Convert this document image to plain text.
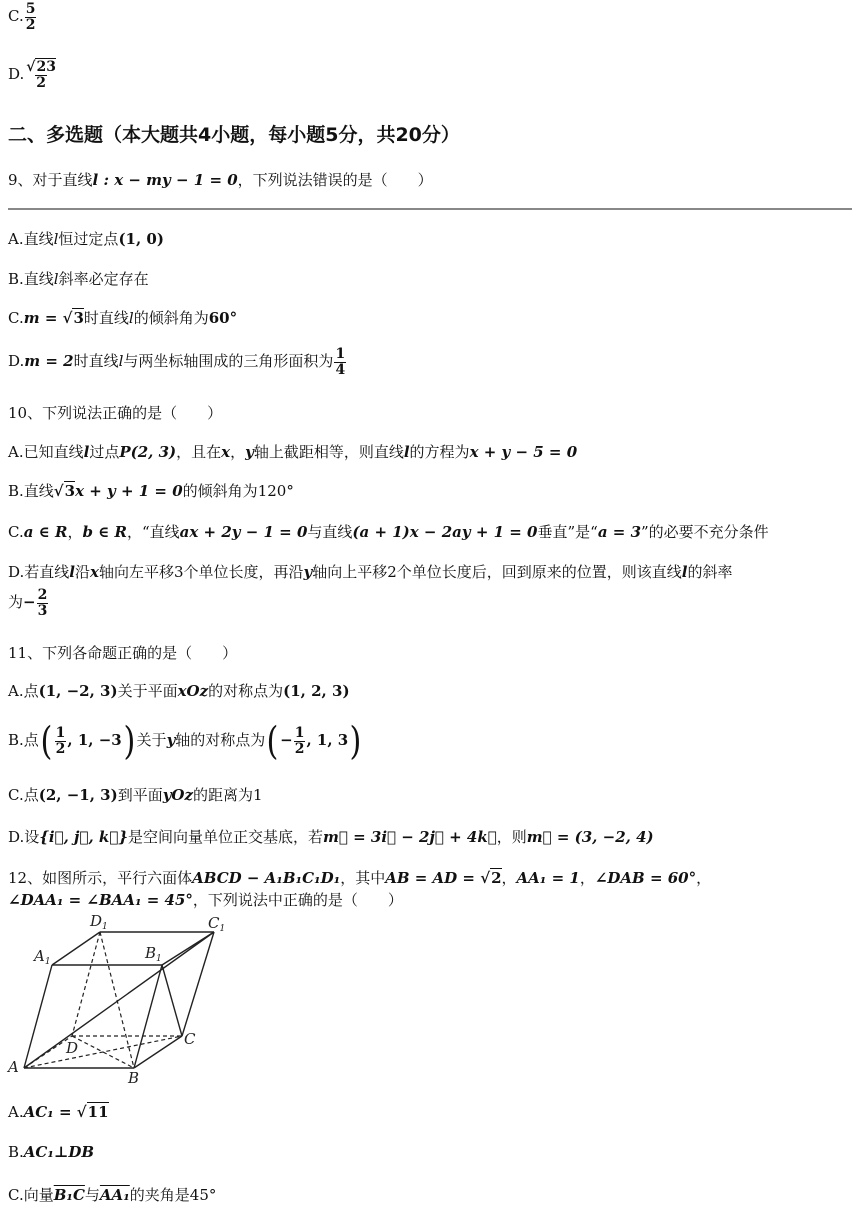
C. $\frac{5}{2}$
D. $\frac{√23}{2}$
二、多选题（本大题共4小题，每小题5分，共20分）
9、对于直线l : x − my − 1 = 0，下列说法错误的是（　　）
A.直线l恒过定点(1, 0)
B.直线l斜率必定存在
C.m = √3时直线l的倾斜角为60°
D.m = 2时直线l与两坐标轴围成的三角形面积为 $\frac{1}{4}$
10、下列说法正确的是（　　）
A.已知直线l过点P(2, 3)，且在x，y轴上截距相等，则直线l的方程为x + y − 5 = 0
B.直线√3x + y + 1 = 0的倾斜角为120°
C.a ∈ R，b ∈ R，“直线ax + 2y − 1 = 0与直线(a + 1)x − 2ay + 1 = 0垂直”是“a = 3”的必要不充分条件
D.若直线l沿x轴向左平移3个单位长度，再沿y轴向上平移2个单位长度后，回到原来的位置，则该直线l的斜率
为− $\frac{2}{3}$
11、下列各命题正确的是（　　）
A.点(1, −2, 3)关于平面xOz的对称点为(1, 2, 3)
B.点( $\frac{1}{2}$ , 1, −3)关于y轴的对称点为(− $\frac{1}{2}$ , 1, 3)
C.点(2, −1, 3)到平面yOz的距离为1
D.设{i⃗, j⃗, k⃗}是空间向量单位正交基底，若m⃗ = 3i⃗ − 2j⃗ + 4k⃗，则m⃗ = (3, −2, 4)
12、如图所示，平行六面体ABCD − A₁B₁C₁D₁，其中AB = AD = √2，AA₁ = 1，∠DAB = 60°，
∠DAA₁ = ∠BAA₁ = 45°，下列说法中正确的是（　　）
$D_1$	$C_1$
$A_1$	$B_1$
D	C
A
B
A.AC₁ = √11
B.AC₁⊥DB
C.向量B₁C与AA₁的夹角是45°
